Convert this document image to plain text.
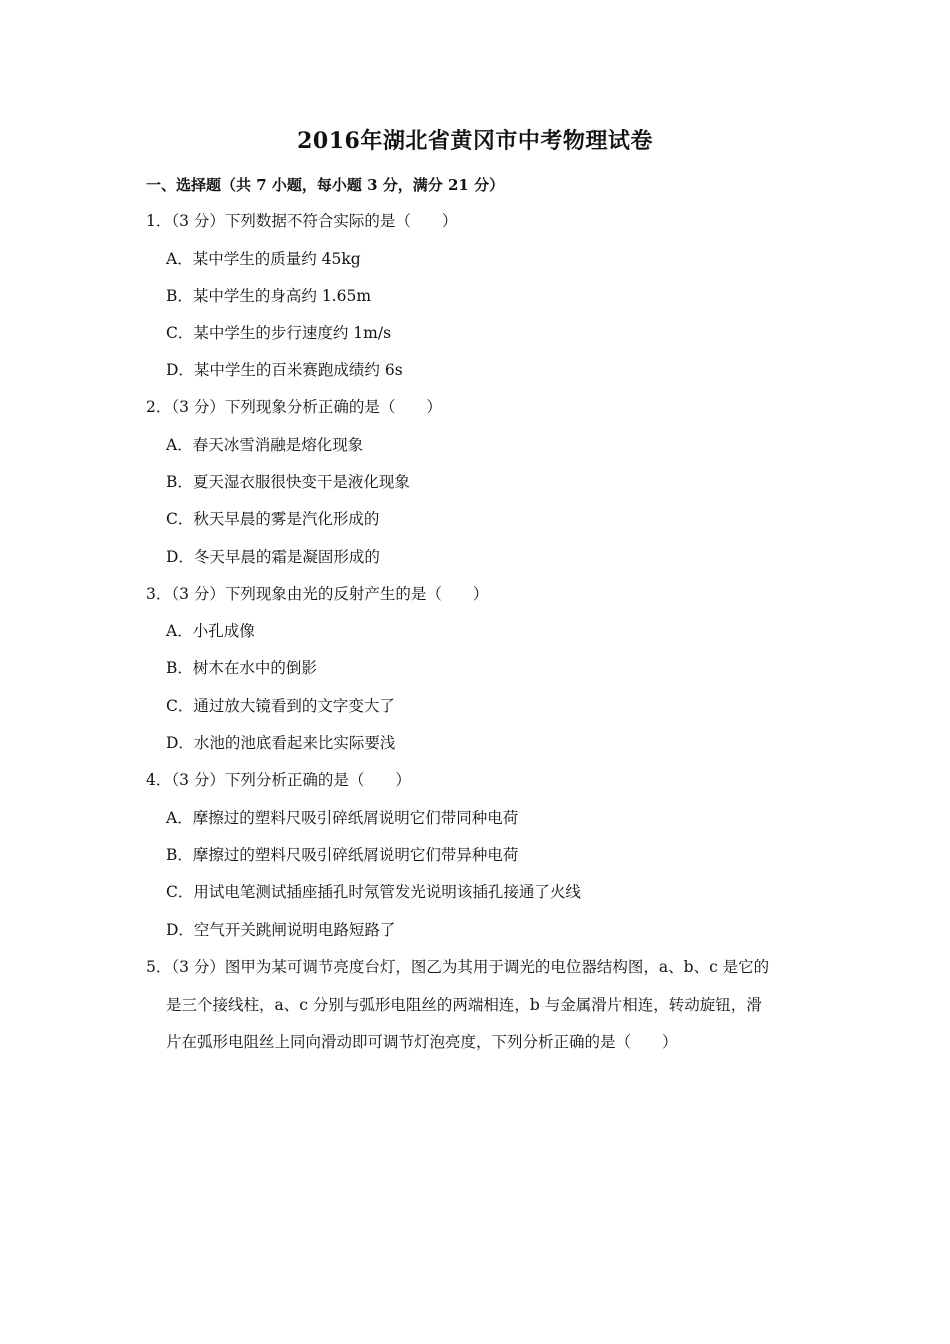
2016年湖北省黄冈市中考物理试卷
一、选择题（共 7 小题，每小题 3 分，满分 21 分）
1．（3 分）下列数据不符合实际的是（　　）
A．某中学生的质量约 45kg
B．某中学生的身高约 1.65m
C．某中学生的步行速度约 1m/s
D．某中学生的百米赛跑成绩约 6s
2．（3 分）下列现象分析正确的是（　　）
A．春天冰雪消融是熔化现象
B．夏天湿衣服很快变干是液化现象
C．秋天早晨的雾是汽化形成的
D．冬天早晨的霜是凝固形成的
3．（3 分）下列现象由光的反射产生的是（　　）
A．小孔成像
B．树木在水中的倒影
C．通过放大镜看到的文字变大了
D．水池的池底看起来比实际要浅
4．（3 分）下列分析正确的是（　　）
A．摩擦过的塑料尺吸引碎纸屑说明它们带同种电荷
B．摩擦过的塑料尺吸引碎纸屑说明它们带异种电荷
C．用试电笔测试插座插孔时氖管发光说明该插孔接通了火线
D．空气开关跳闸说明电路短路了
5．（3 分）图甲为某可调节亮度台灯，图乙为其用于调光的电位器结构图，a、b、c 是它的
是三个接线柱，a、c 分别与弧形电阻丝的两端相连，b 与金属滑片相连，转动旋钮，滑
片在弧形电阻丝上同向滑动即可调节灯泡亮度，下列分析正确的是（　　）
